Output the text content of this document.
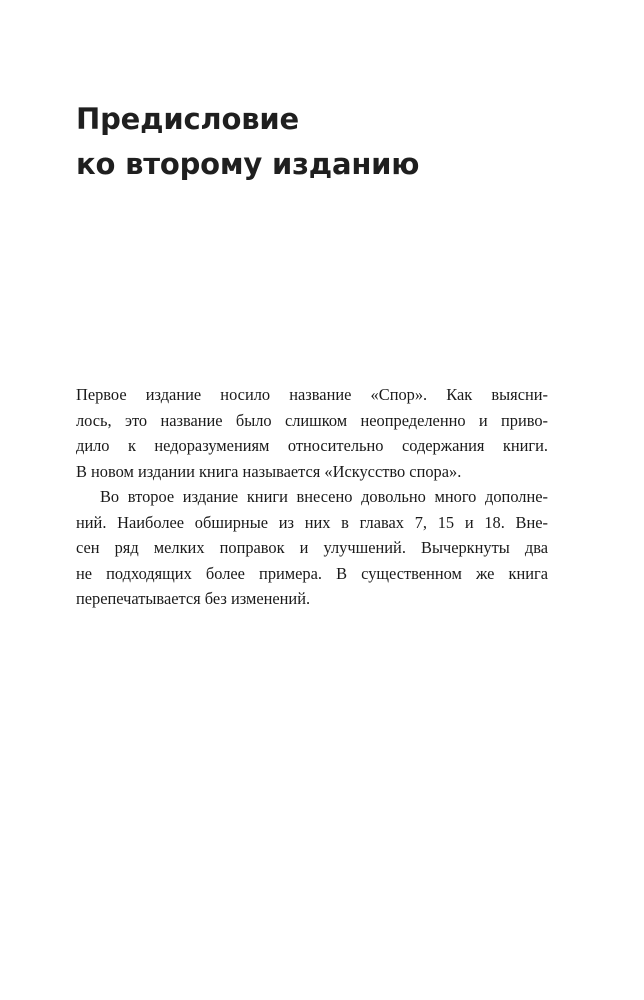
Предисловие
ко второму изданию
Первое издание носило название «Спор». Как выясни-
лось, это название было слишком неопределенно и приво-
дило к недоразумениям относительно содержания книги.
В новом издании книга называется «Искусство спора».
Во второе издание книги внесено довольно много дополне-
ний. Наиболее обширные из них в главах 7, 15 и 18. Вне-
сен ряд мелких поправок и улучшений. Вычеркнуты два
не подходящих более примера. В существенном же книга
перепечатывается без изменений.
